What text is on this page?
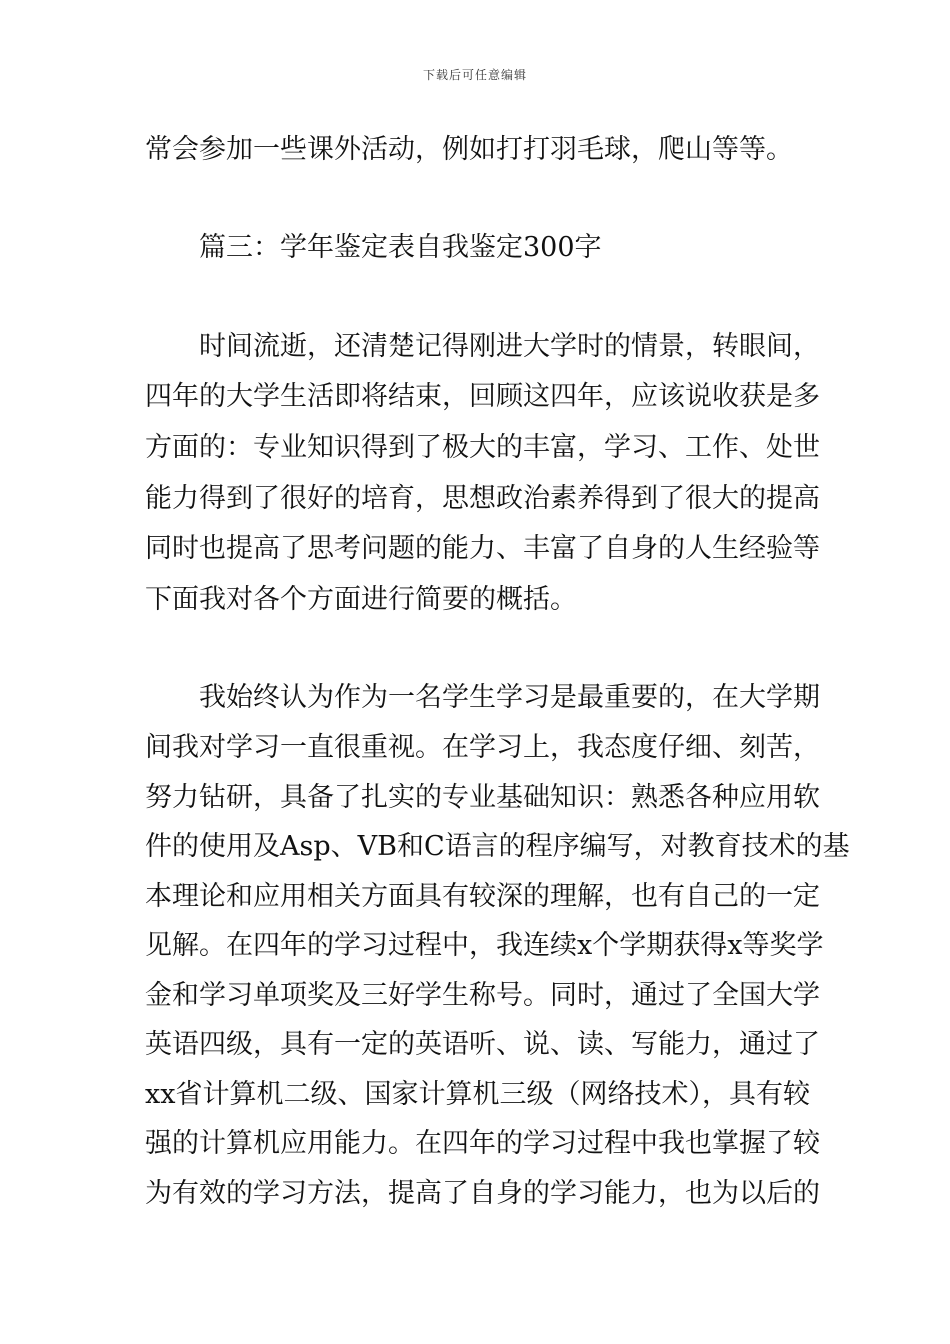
下载后可任意编辑
常会参加一些课外活动，例如打打羽毛球，爬山等等。
篇三：学年鉴定表自我鉴定300字
时间流逝，还清楚记得刚进大学时的情景，转眼间，
四年的大学生活即将结束，回顾这四年，应该说收获是多
方面的：专业知识得到了极大的丰富，学习、工作、处世
能力得到了很好的培育，思想政治素养得到了很大的提高
同时也提高了思考问题的能力、丰富了自身的人生经验等
下面我对各个方面进行简要的概括。
我始终认为作为一名学生学习是最重要的，在大学期
间我对学习一直很重视。在学习上，我态度仔细、刻苦，
努力钻研，具备了扎实的专业基础知识：熟悉各种应用软
件的使用及Asp、VB和C语言的程序编写，对教育技术的基
本理论和应用相关方面具有较深的理解，也有自己的一定
见解。在四年的学习过程中，我连续x个学期获得x等奖学
金和学习单项奖及三好学生称号。同时，通过了全国大学
英语四级，具有一定的英语听、说、读、写能力，通过了
xx省计算机二级、国家计算机三级（网络技术），具有较
强的计算机应用能力。在四年的学习过程中我也掌握了较
为有效的学习方法，提高了自身的学习能力，也为以后的
